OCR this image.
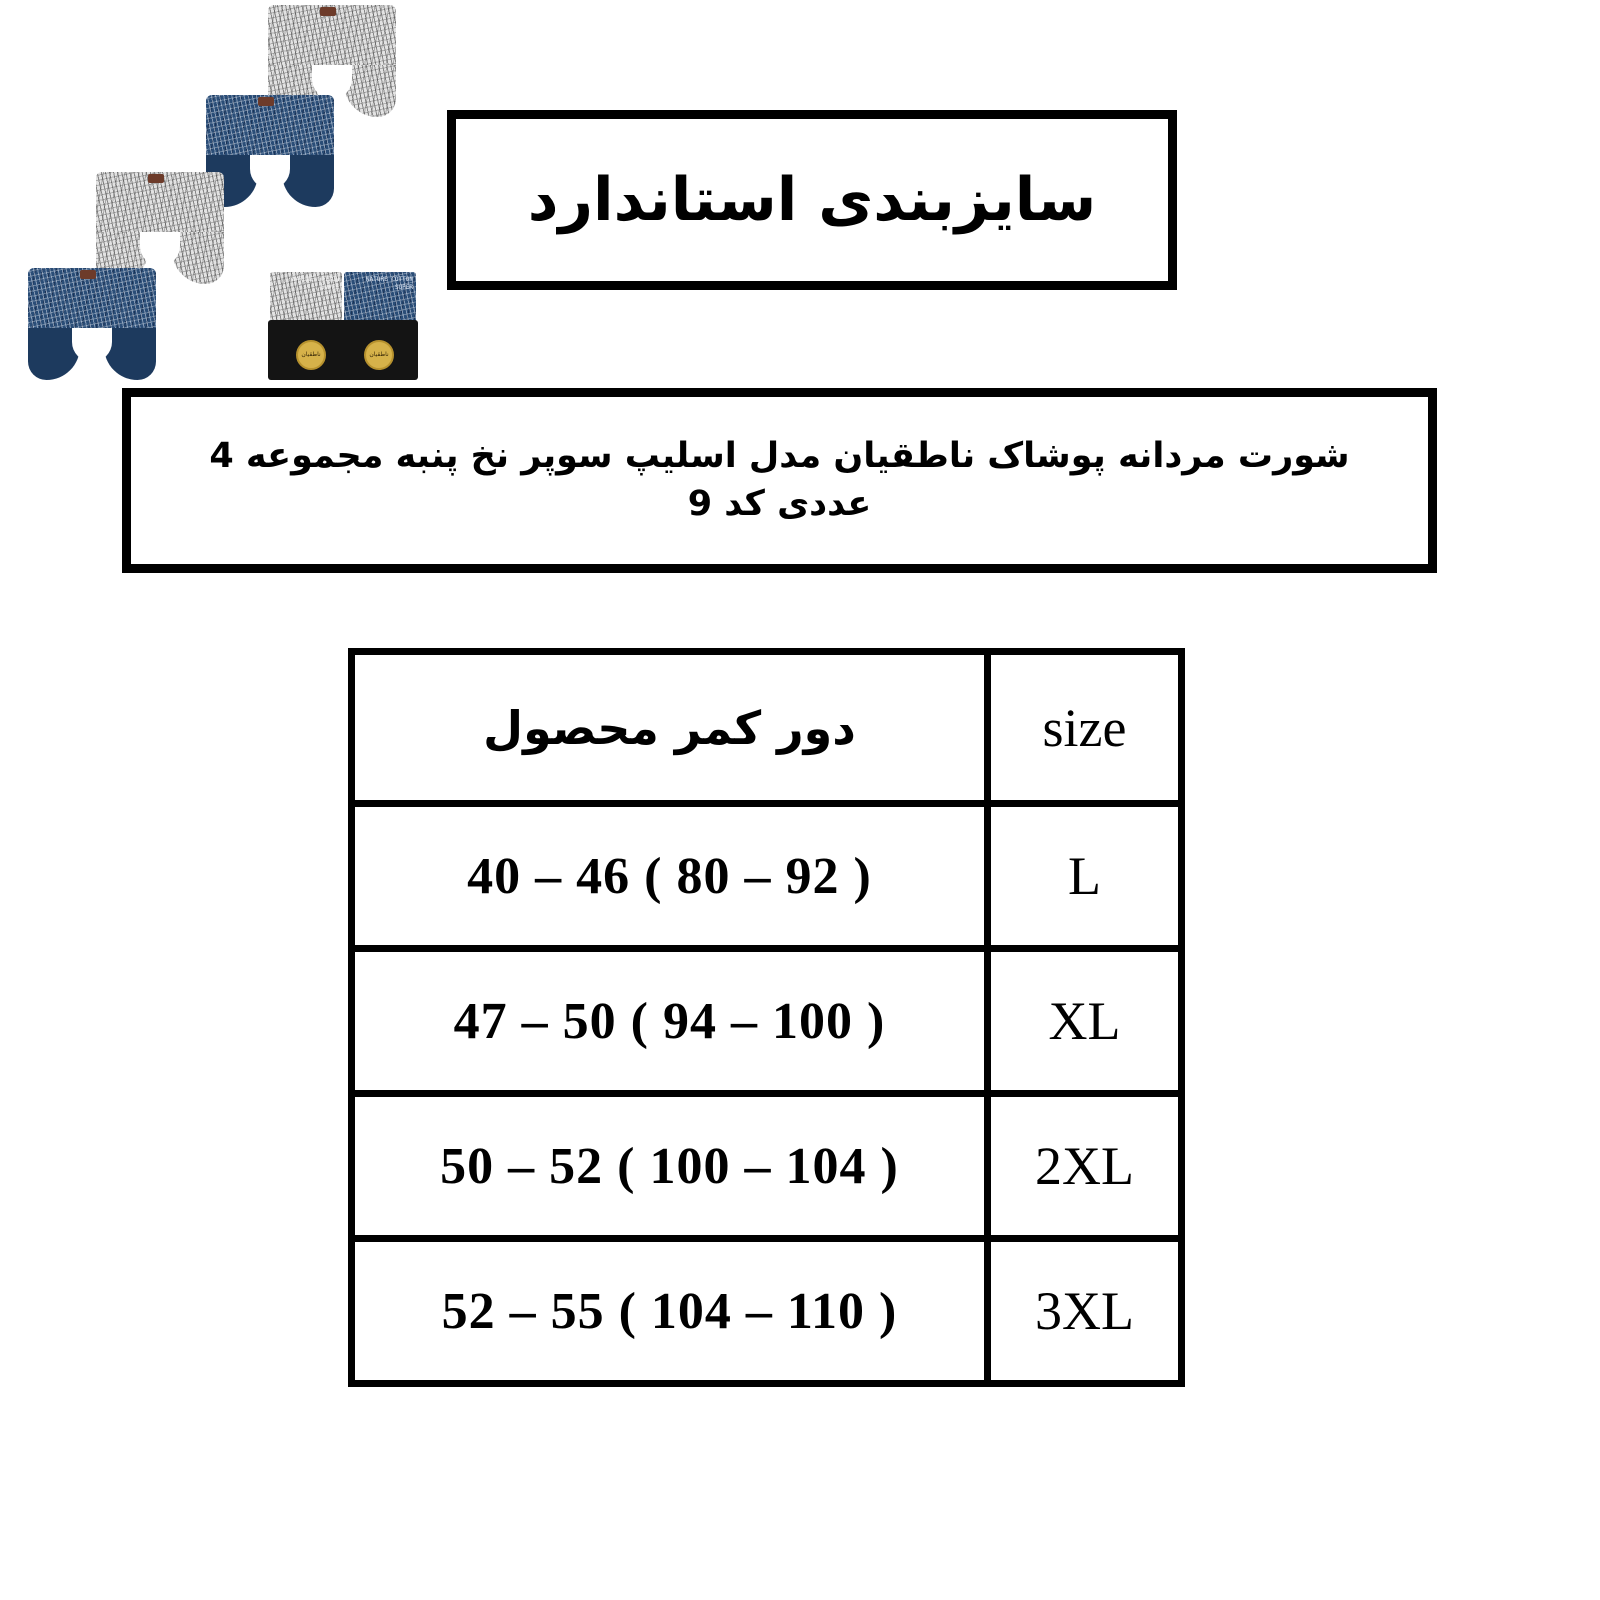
NATURE COTTON SUPER
NATURE COTTON SUPER
ناطقیان	ناطقیان
سایزبندی استاندارد
شورت مردانه پوشاک ناطقیان مدل اسلیپ سوپر نخ پنبه مجموعه 4 عددی کد 9
size	دور کمر محصول
L	40 – 46 ( 80 – 92 )
XL	47 – 50 ( 94 – 100 )
2XL	50 – 52 ( 100 – 104 )
3XL	52 – 55 ( 104 – 110 )
